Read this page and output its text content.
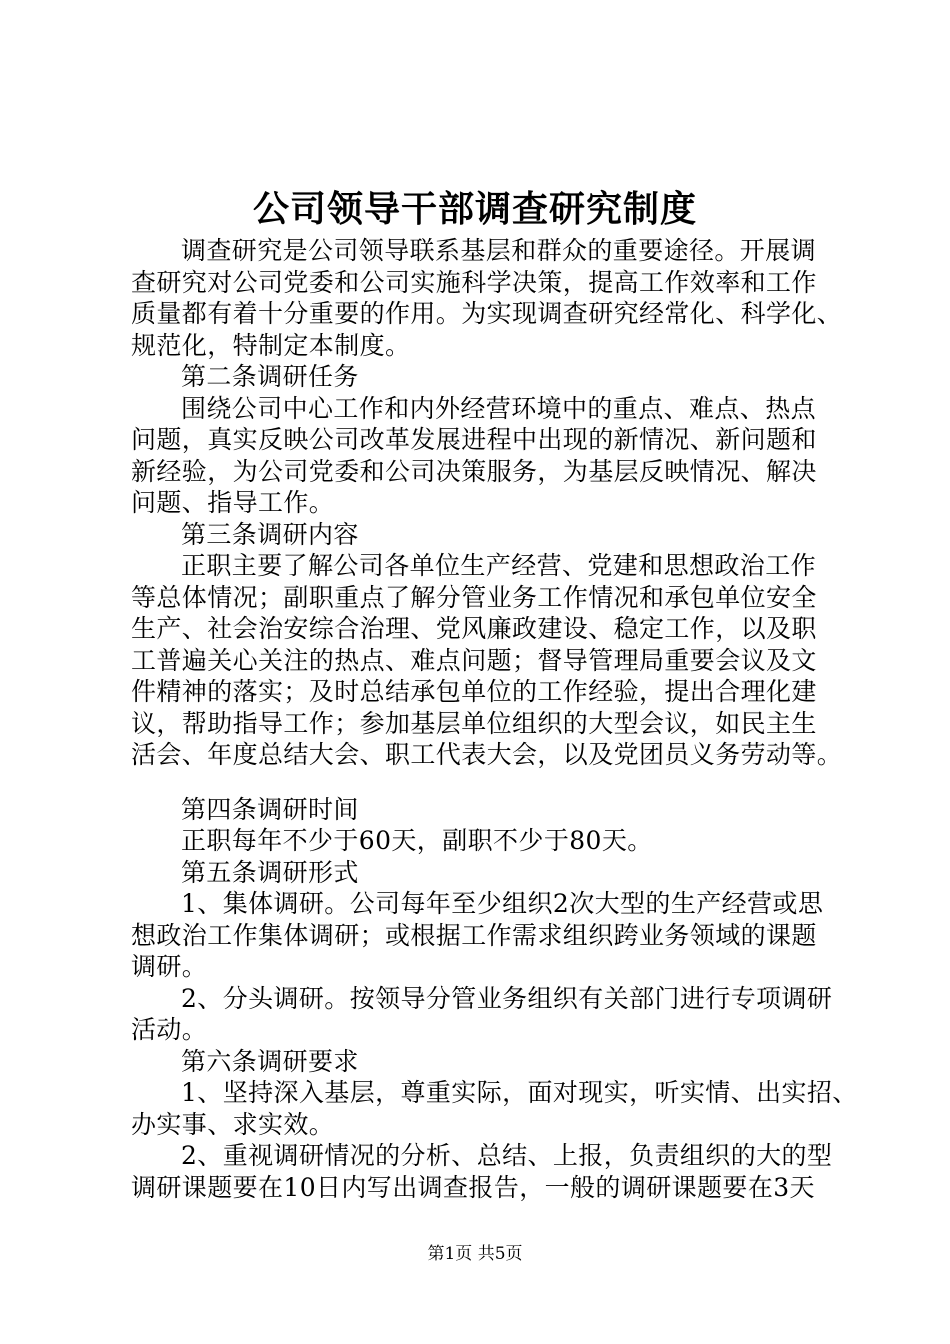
公司领导干部调查研究制度
调查研究是公司领导联系基层和群众的重要途径。开展调
查研究对公司党委和公司实施科学决策，提高工作效率和工作
质量都有着十分重要的作用。为实现调查研究经常化、科学化、
规范化，特制定本制度。
第二条调研任务
围绕公司中心工作和内外经营环境中的重点、难点、热点
问题，真实反映公司改革发展进程中出现的新情况、新问题和
新经验，为公司党委和公司决策服务，为基层反映情况、解决
问题、指导工作。
第三条调研内容
正职主要了解公司各单位生产经营、党建和思想政治工作
等总体情况；副职重点了解分管业务工作情况和承包单位安全
生产、社会治安综合治理、党风廉政建设、稳定工作，以及职
工普遍关心关注的热点、难点问题；督导管理局重要会议及文
件精神的落实；及时总结承包单位的工作经验，提出合理化建
议，帮助指导工作；参加基层单位组织的大型会议，如民主生
活会、年度总结大会、职工代表大会，以及党团员义务劳动等。
第四条调研时间
正职每年不少于60天，副职不少于80天。
第五条调研形式
1、集体调研。公司每年至少组织2次大型的生产经营或思
想政治工作集体调研；或根据工作需求组织跨业务领域的课题
调研。
2、分头调研。按领导分管业务组织有关部门进行专项调研
活动。
第六条调研要求
1、坚持深入基层，尊重实际，面对现实，听实情、出实招、
办实事、求实效。
2、重视调研情况的分析、总结、上报，负责组织的大的型
调研课题要在10日内写出调查报告，一般的调研课题要在3天
第1页 共5页
